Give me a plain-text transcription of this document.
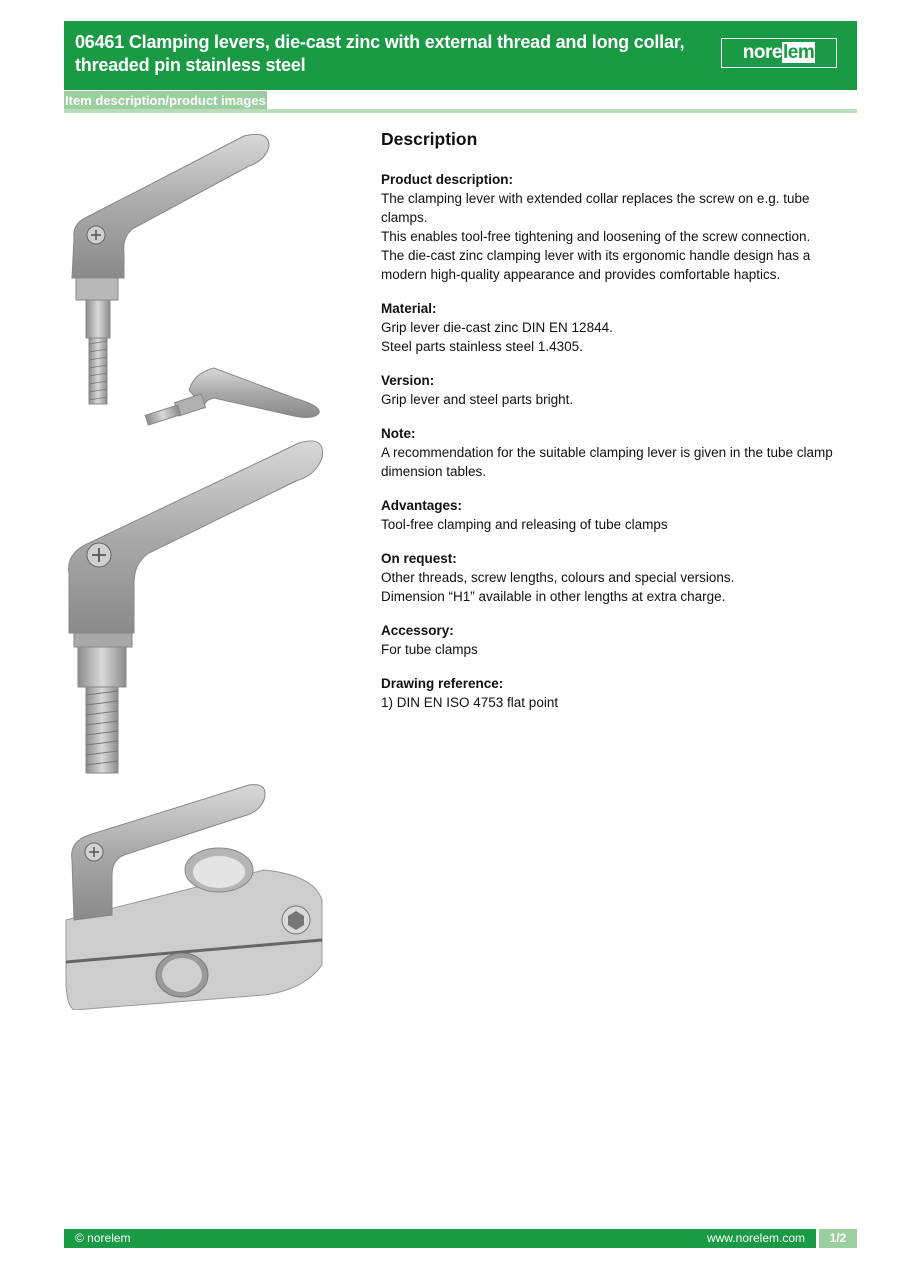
06461 Clamping levers, die-cast zinc with external thread and long collar, threaded pin stainless steel
norelem
Item description/product images
Description
Product description:
The clamping lever with extended collar replaces the screw on e.g. tube clamps.
This enables tool-free tightening and loosening of the screw connection.
The die-cast zinc clamping lever with its ergonomic handle design has a modern high-quality appearance and provides comfortable haptics.
Material:
Grip lever die-cast zinc DIN EN 12844.
Steel parts stainless steel 1.4305.
Version:
Grip lever and steel parts bright.
Note:
A recommendation for the suitable clamping lever is given in the tube clamp dimension tables.
Advantages:
Tool-free clamping and releasing of tube clamps
On request:
Other threads, screw lengths, colours and special versions.
Dimension “H1” available in other lengths at extra charge.
Accessory:
For tube clamps
Drawing reference:
1) DIN EN ISO 4753 flat point
© norelem	www.norelem.com	1/2
